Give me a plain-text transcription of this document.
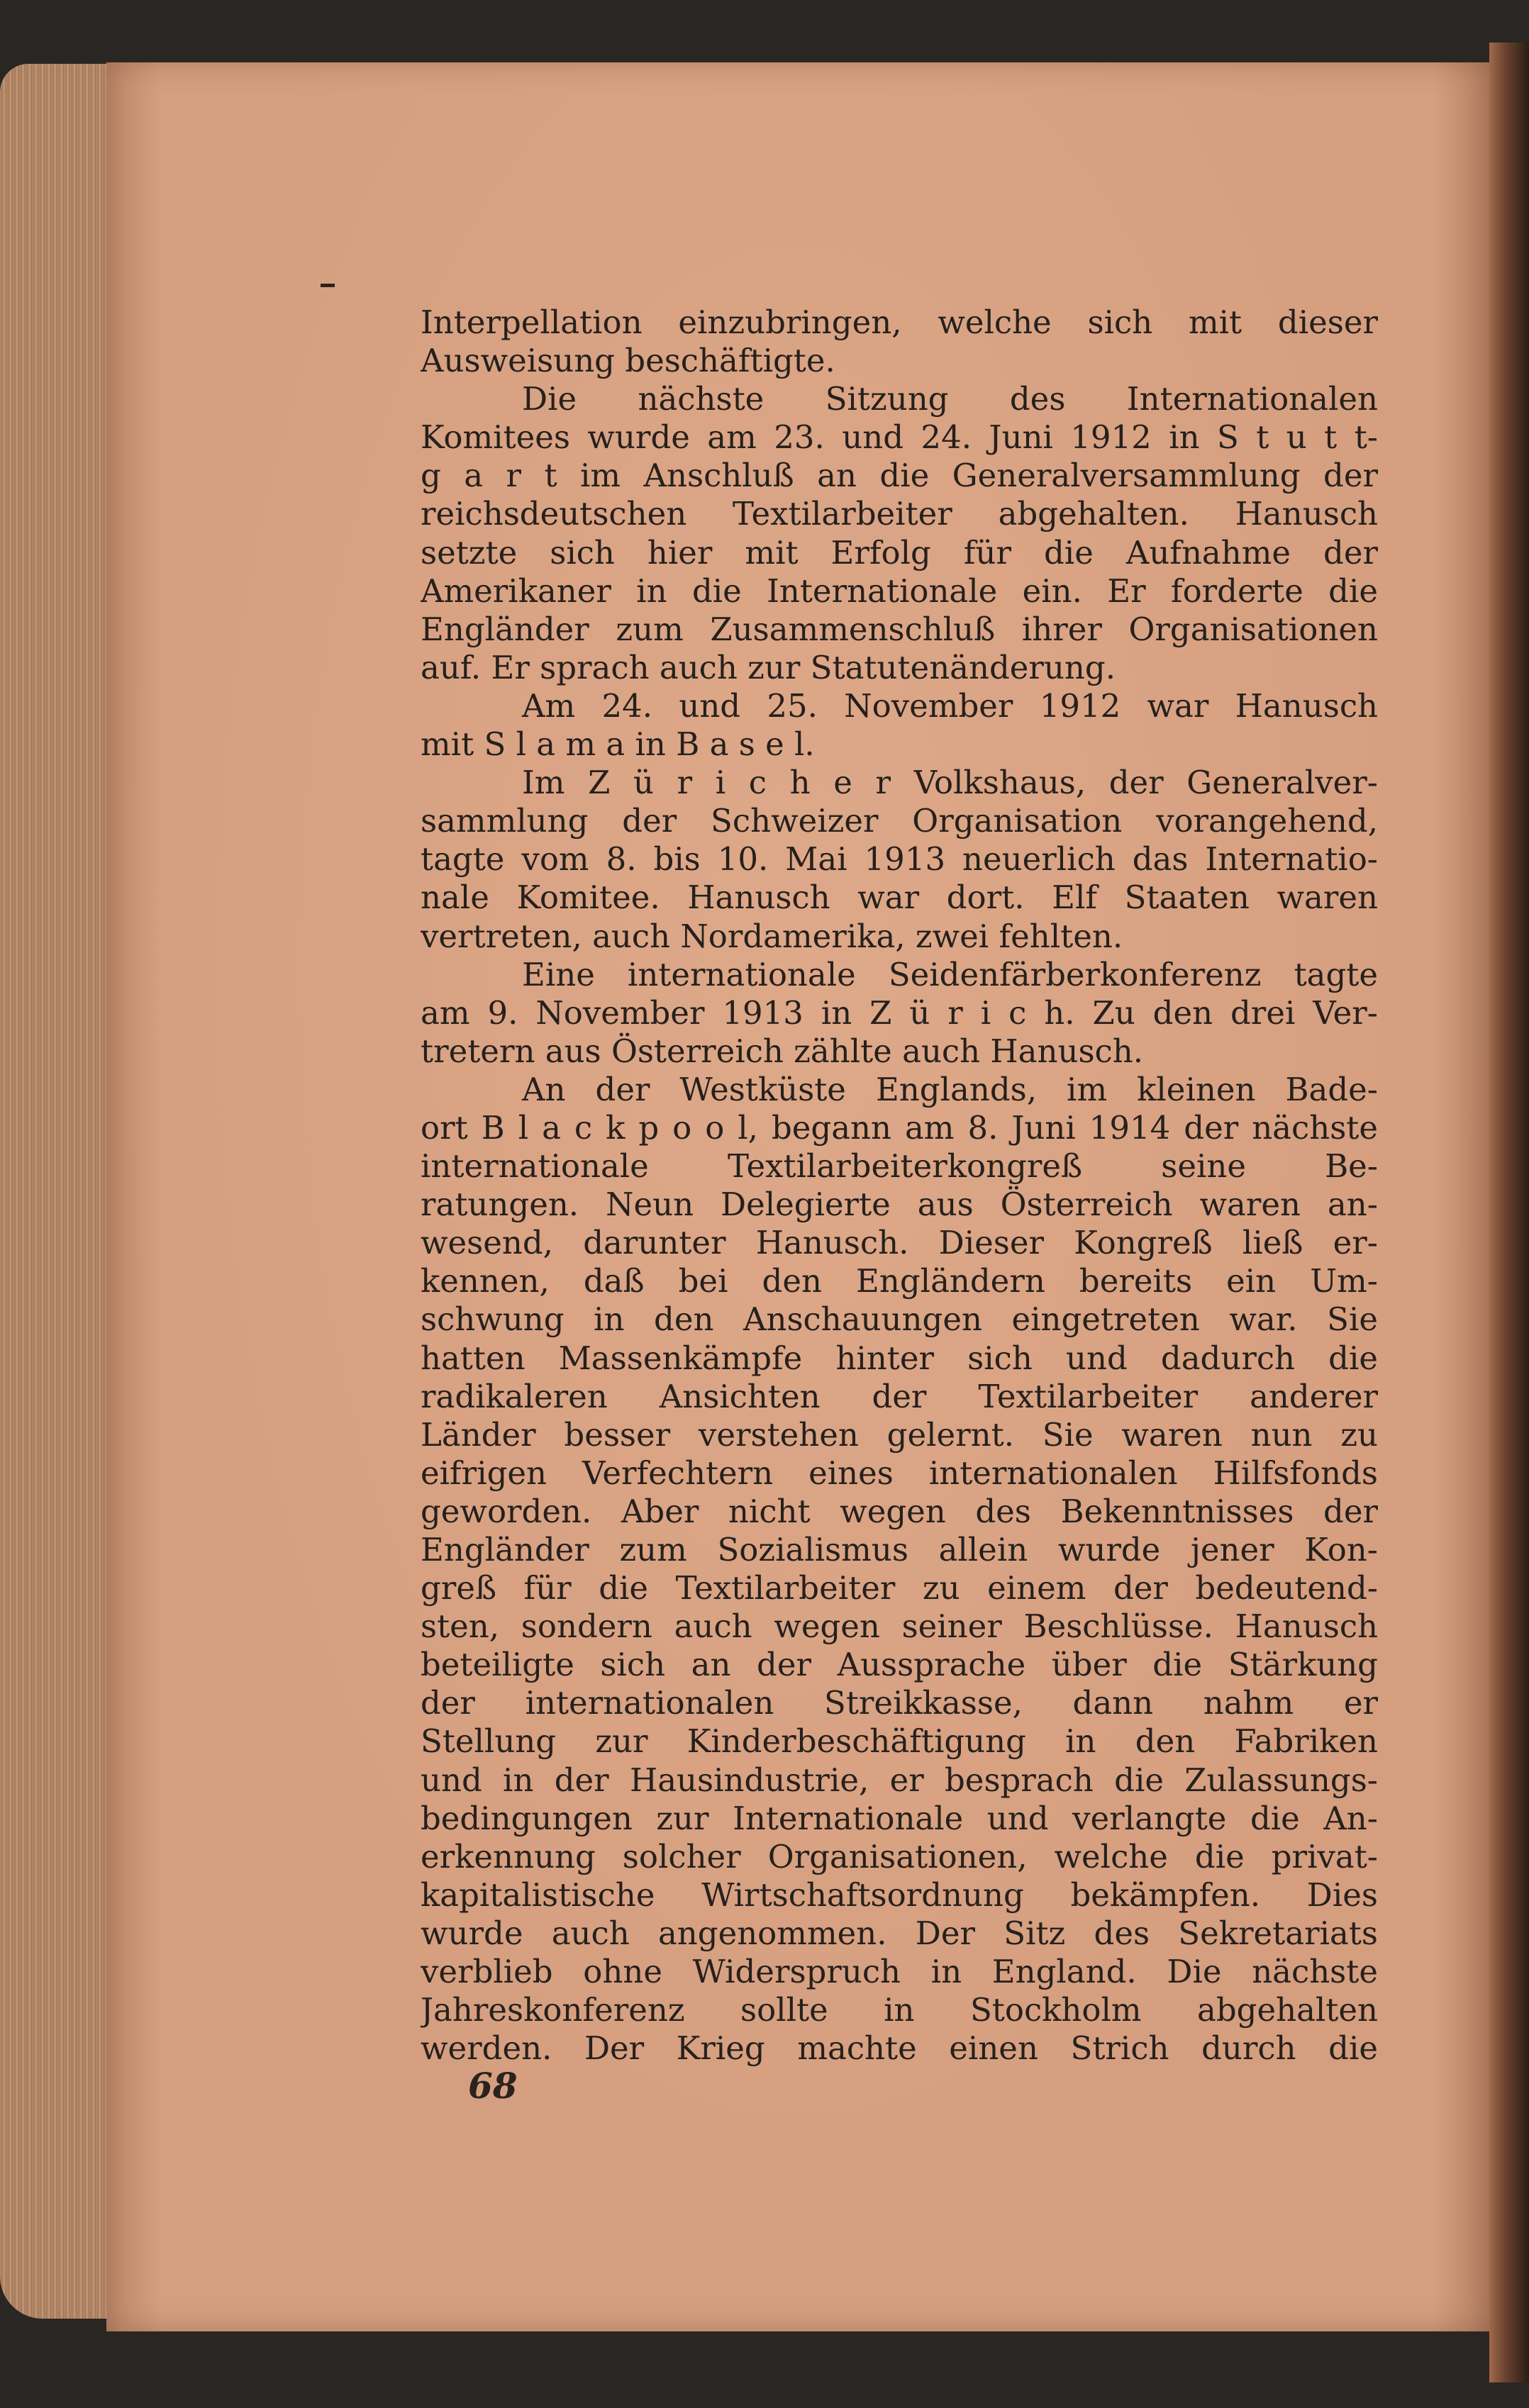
Interpellation einzubringen, welche sich mit dieser
Ausweisung beschäftigte.
Die nächste Sitzung des Internationalen
Komitees wurde am 23. und 24. Juni 1912 in S t u t t-
g a r t im Anschluß an die Generalversammlung der
reichsdeutschen Textilarbeiter abgehalten. Hanusch
setzte sich hier mit Erfolg für die Aufnahme der
Amerikaner in die Internationale ein. Er forderte die
Engländer zum Zusammenschluß ihrer Organisationen
auf. Er sprach auch zur Statutenänderung.
Am 24. und 25. November 1912 war Hanusch
mit S l a m a in B a s e l.
Im Z ü r i c h e r Volkshaus, der Generalver-
sammlung der Schweizer Organisation vorangehend,
tagte vom 8. bis 10. Mai 1913 neuerlich das Internatio-
nale Komitee. Hanusch war dort. Elf Staaten waren
vertreten, auch Nordamerika, zwei fehlten.
Eine internationale Seidenfärberkonferenz tagte
am 9. November 1913 in Z ü r i c h. Zu den drei Ver-
tretern aus Österreich zählte auch Hanusch.
An der Westküste Englands, im kleinen Bade-
ort B l a c k p o o l, begann am 8. Juni 1914 der nächste
internationale Textilarbeiterkongreß seine Be-
ratungen. Neun Delegierte aus Österreich waren an-
wesend, darunter Hanusch. Dieser Kongreß ließ er-
kennen, daß bei den Engländern bereits ein Um-
schwung in den Anschauungen eingetreten war. Sie
hatten Massenkämpfe hinter sich und dadurch die
radikaleren Ansichten der Textilarbeiter anderer
Länder besser verstehen gelernt. Sie waren nun zu
eifrigen Verfechtern eines internationalen Hilfsfonds
geworden. Aber nicht wegen des Bekenntnisses der
Engländer zum Sozialismus allein wurde jener Kon-
greß für die Textilarbeiter zu einem der bedeutend-
sten, sondern auch wegen seiner Beschlüsse. Hanusch
beteiligte sich an der Aussprache über die Stärkung
der internationalen Streikkasse, dann nahm er
Stellung zur Kinderbeschäftigung in den Fabriken
und in der Hausindustrie, er besprach die Zulassungs-
bedingungen zur Internationale und verlangte die An-
erkennung solcher Organisationen, welche die privat-
kapitalistische Wirtschaftsordnung bekämpfen. Dies
wurde auch angenommen. Der Sitz des Sekretariats
verblieb ohne Widerspruch in England. Die nächste
Jahreskonferenz sollte in Stockholm abgehalten
werden. Der Krieg machte einen Strich durch die
68
